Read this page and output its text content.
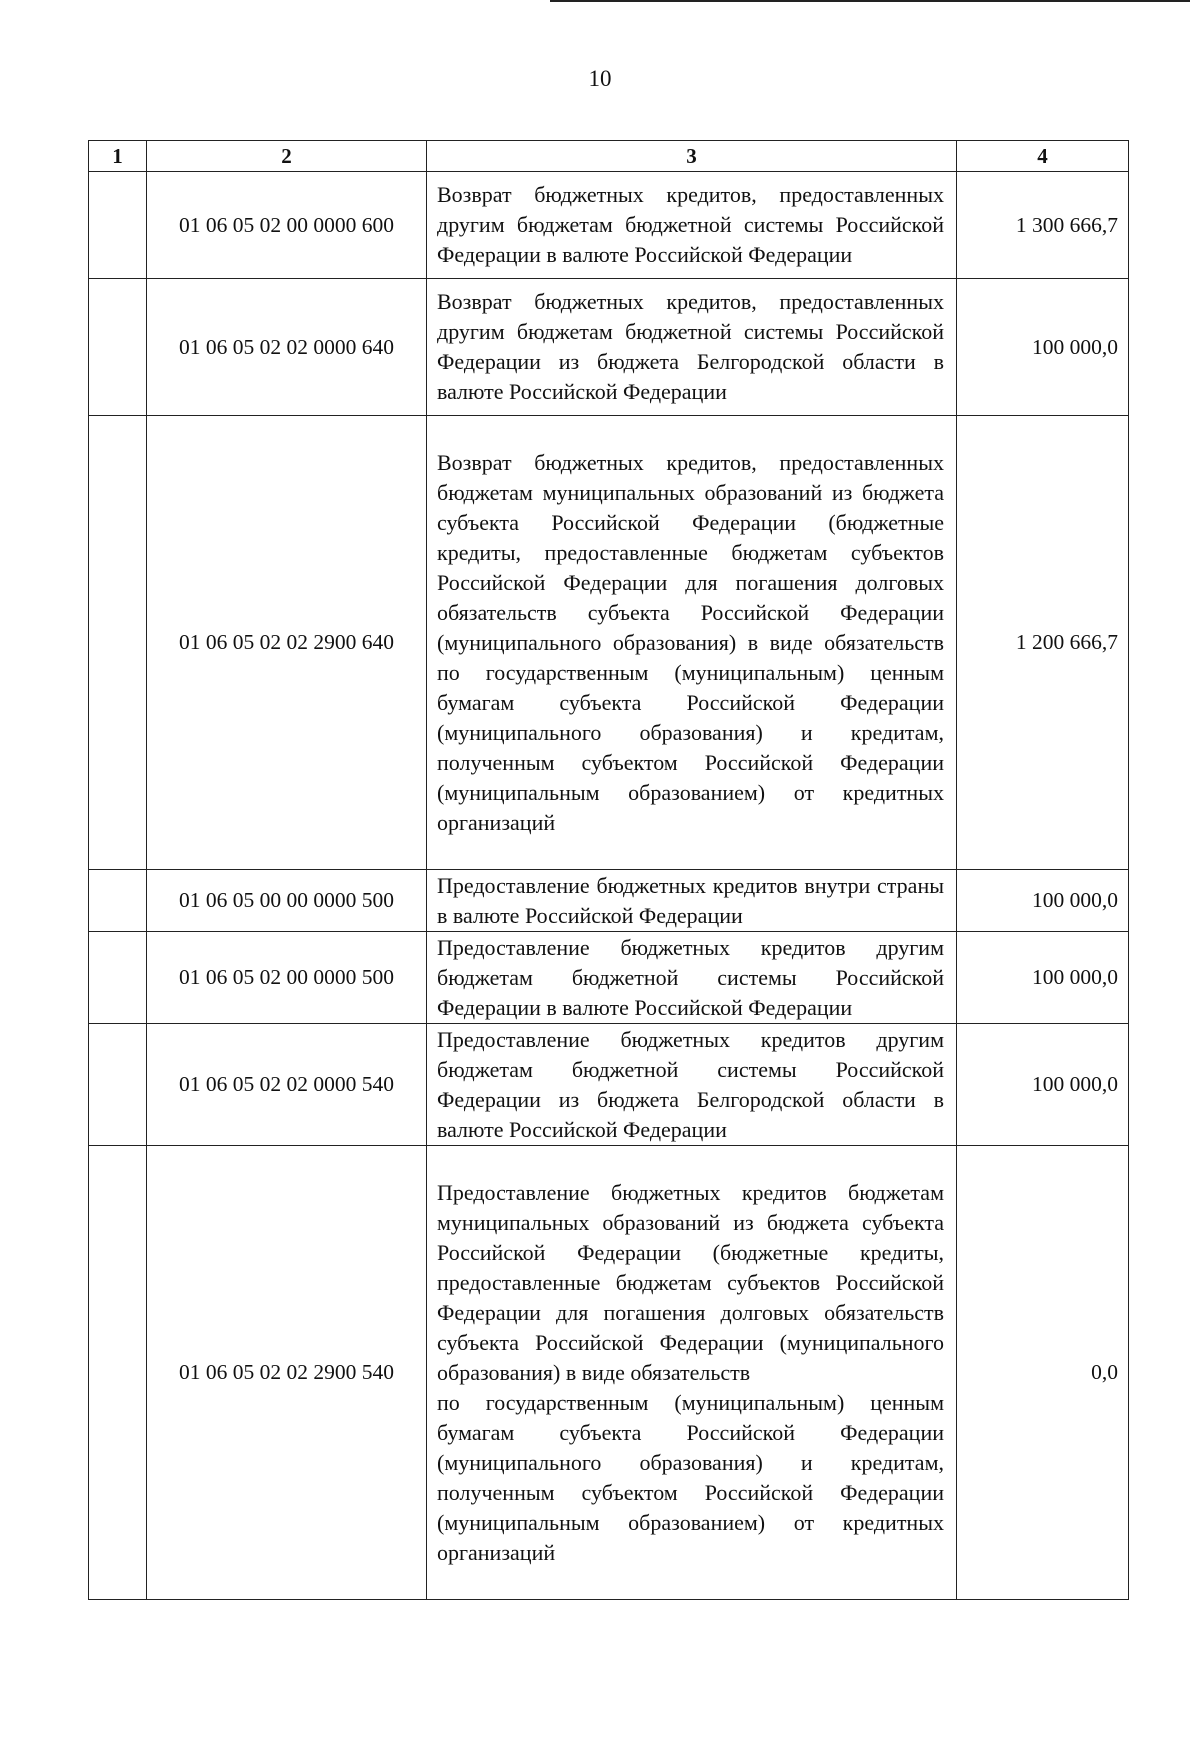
10
1	2	3	4
	01 06 05 02 00 0000 600	Возврат бюджетных кредитов, предоставленных другим бюджетам бюджетной системы Российской Федерации в валюте Российской Федерации	1 300 666,7
	01 06 05 02 02 0000 640	Возврат бюджетных кредитов, предоставленных другим бюджетам бюджетной системы Российской Федерации из бюджета Белгородской области в валюте Российской Федерации	100 000,0
	01 06 05 02 02 2900 640	Возврат бюджетных кредитов, предоставленных бюджетам муниципальных образований из бюджета субъекта Российской Федерации (бюджетные кредиты, предоставленные бюджетам субъектов Российской Федерации для погашения долговых обязательств субъекта Российской Федерации (муниципального образования) в виде обязательств по государственным (муниципальным) ценным бумагам субъекта Российской Федерации (муниципального образования) и кредитам, полученным субъектом Российской Федерации (муниципальным образованием) от кредитных организаций	1 200 666,7
	01 06 05 00 00 0000 500	Предоставление бюджетных кредитов внутри страны в валюте Российской Федерации	100 000,0
	01 06 05 02 00 0000 500	Предоставление бюджетных кредитов другим бюджетам бюджетной системы Российской Федерации в валюте Российской Федерации	100 000,0
	01 06 05 02 02 0000 540	Предоставление бюджетных кредитов другим бюджетам бюджетной системы Российской Федерации из бюджета Белгородской области в валюте Российской Федерации	100 000,0
	01 06 05 02 02 2900 540	Предоставление бюджетных кредитов бюджетам муниципальных образований из бюджета субъекта Российской Федерации (бюджетные кредиты, предоставленные бюджетам субъектов Российской Федерации для погашения долговых обязательств субъекта Российской Федерации (муниципального образования) в виде обязательств
по государственным (муниципальным) ценным бумагам субъекта Российской Федерации (муниципального образования) и кредитам, полученным субъектом Российской Федерации (муниципальным образованием) от кредитных организаций	0,0
